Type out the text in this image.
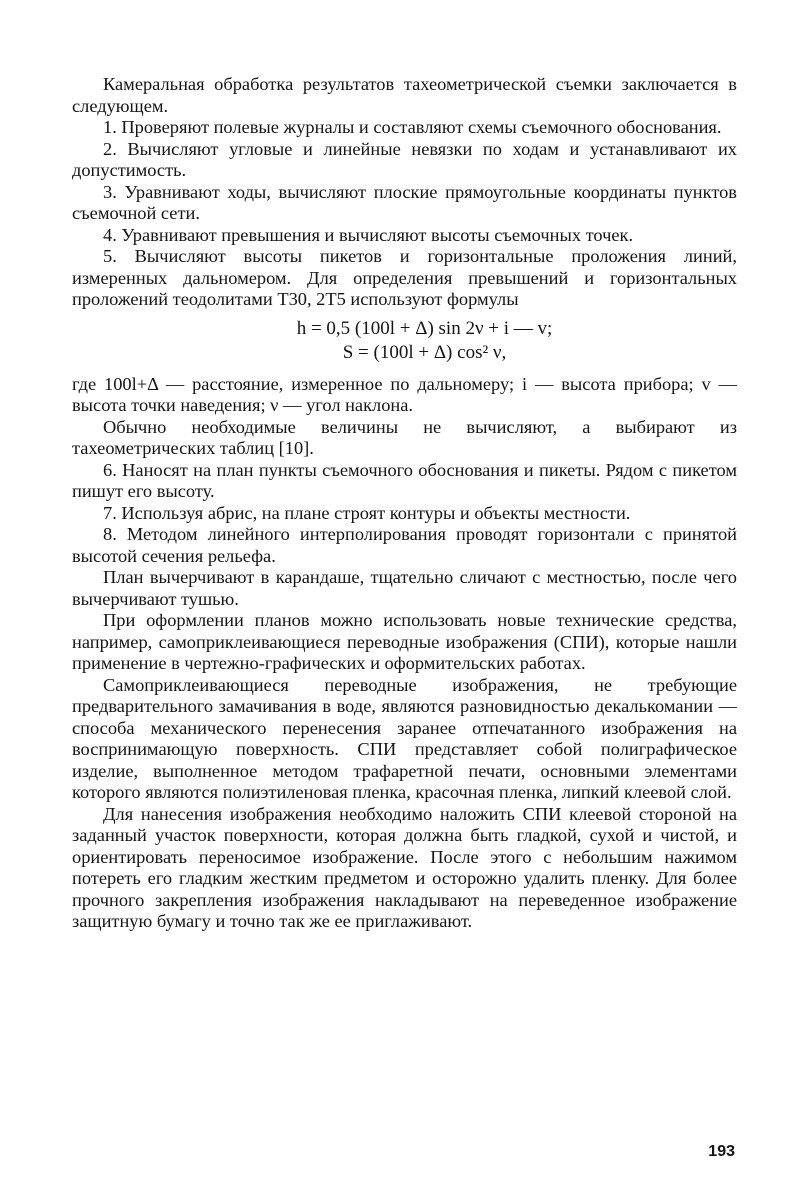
Камеральная обработка результатов тахеометрической съемки заключается в следующем.

1. Проверяют полевые журналы и составляют схемы съемочного обоснования.

2. Вычисляют угловые и линейные невязки по ходам и устанавливают их допустимость.

3. Уравнивают ходы, вычисляют плоские прямоугольные координаты пунктов съемочной сети.

4. Уравнивают превышения и вычисляют высоты съемочных точек.

5. Вычисляют высоты пикетов и горизонтальные проложения линий, измеренных дальномером. Для определения превышений и горизонтальных проложений теодолитами Т30, 2Т5 используют формулы

h = 0,5 (100l + Δ) sin 2ν + i — v;
S = (100l + Δ) cos² ν,

где 100l+Δ — расстояние, измеренное по дальномеру; i — высота прибора; v — высота точки наведения; ν — угол наклона.

Обычно необходимые величины не вычисляют, а выбирают из тахеометрических таблиц [10].

6. Наносят на план пункты съемочного обоснования и пикеты. Рядом с пикетом пишут его высоту.

7. Используя абрис, на плане строят контуры и объекты местности.

8. Методом линейного интерполирования проводят горизонтали с принятой высотой сечения рельефа.

План вычерчивают в карандаше, тщательно сличают с местностью, после чего вычерчивают тушью.

При оформлении планов можно использовать новые технические средства, например, самоприклеивающиеся переводные изображения (СПИ), которые нашли применение в чертежно-графических и оформительских работах.

Самоприклеивающиеся переводные изображения, не требующие предварительного замачивания в воде, являются разновидностью декалькомании — способа механического перенесения заранее отпечатанного изображения на воспринимающую поверхность. СПИ представляет собой полиграфическое изделие, выполненное методом трафаретной печати, основными элементами которого являются полиэтиленовая пленка, красочная пленка, липкий клеевой слой.

Для нанесения изображения необходимо наложить СПИ клеевой стороной на заданный участок поверхности, которая должна быть гладкой, сухой и чистой, и ориентировать переносимое изображение. После этого с небольшим нажимом потереть его гладким жестким предметом и осторожно удалить пленку. Для более прочного закрепления изображения накладывают на переведенное изображение защитную бумагу и точно так же ее приглаживают.

193
